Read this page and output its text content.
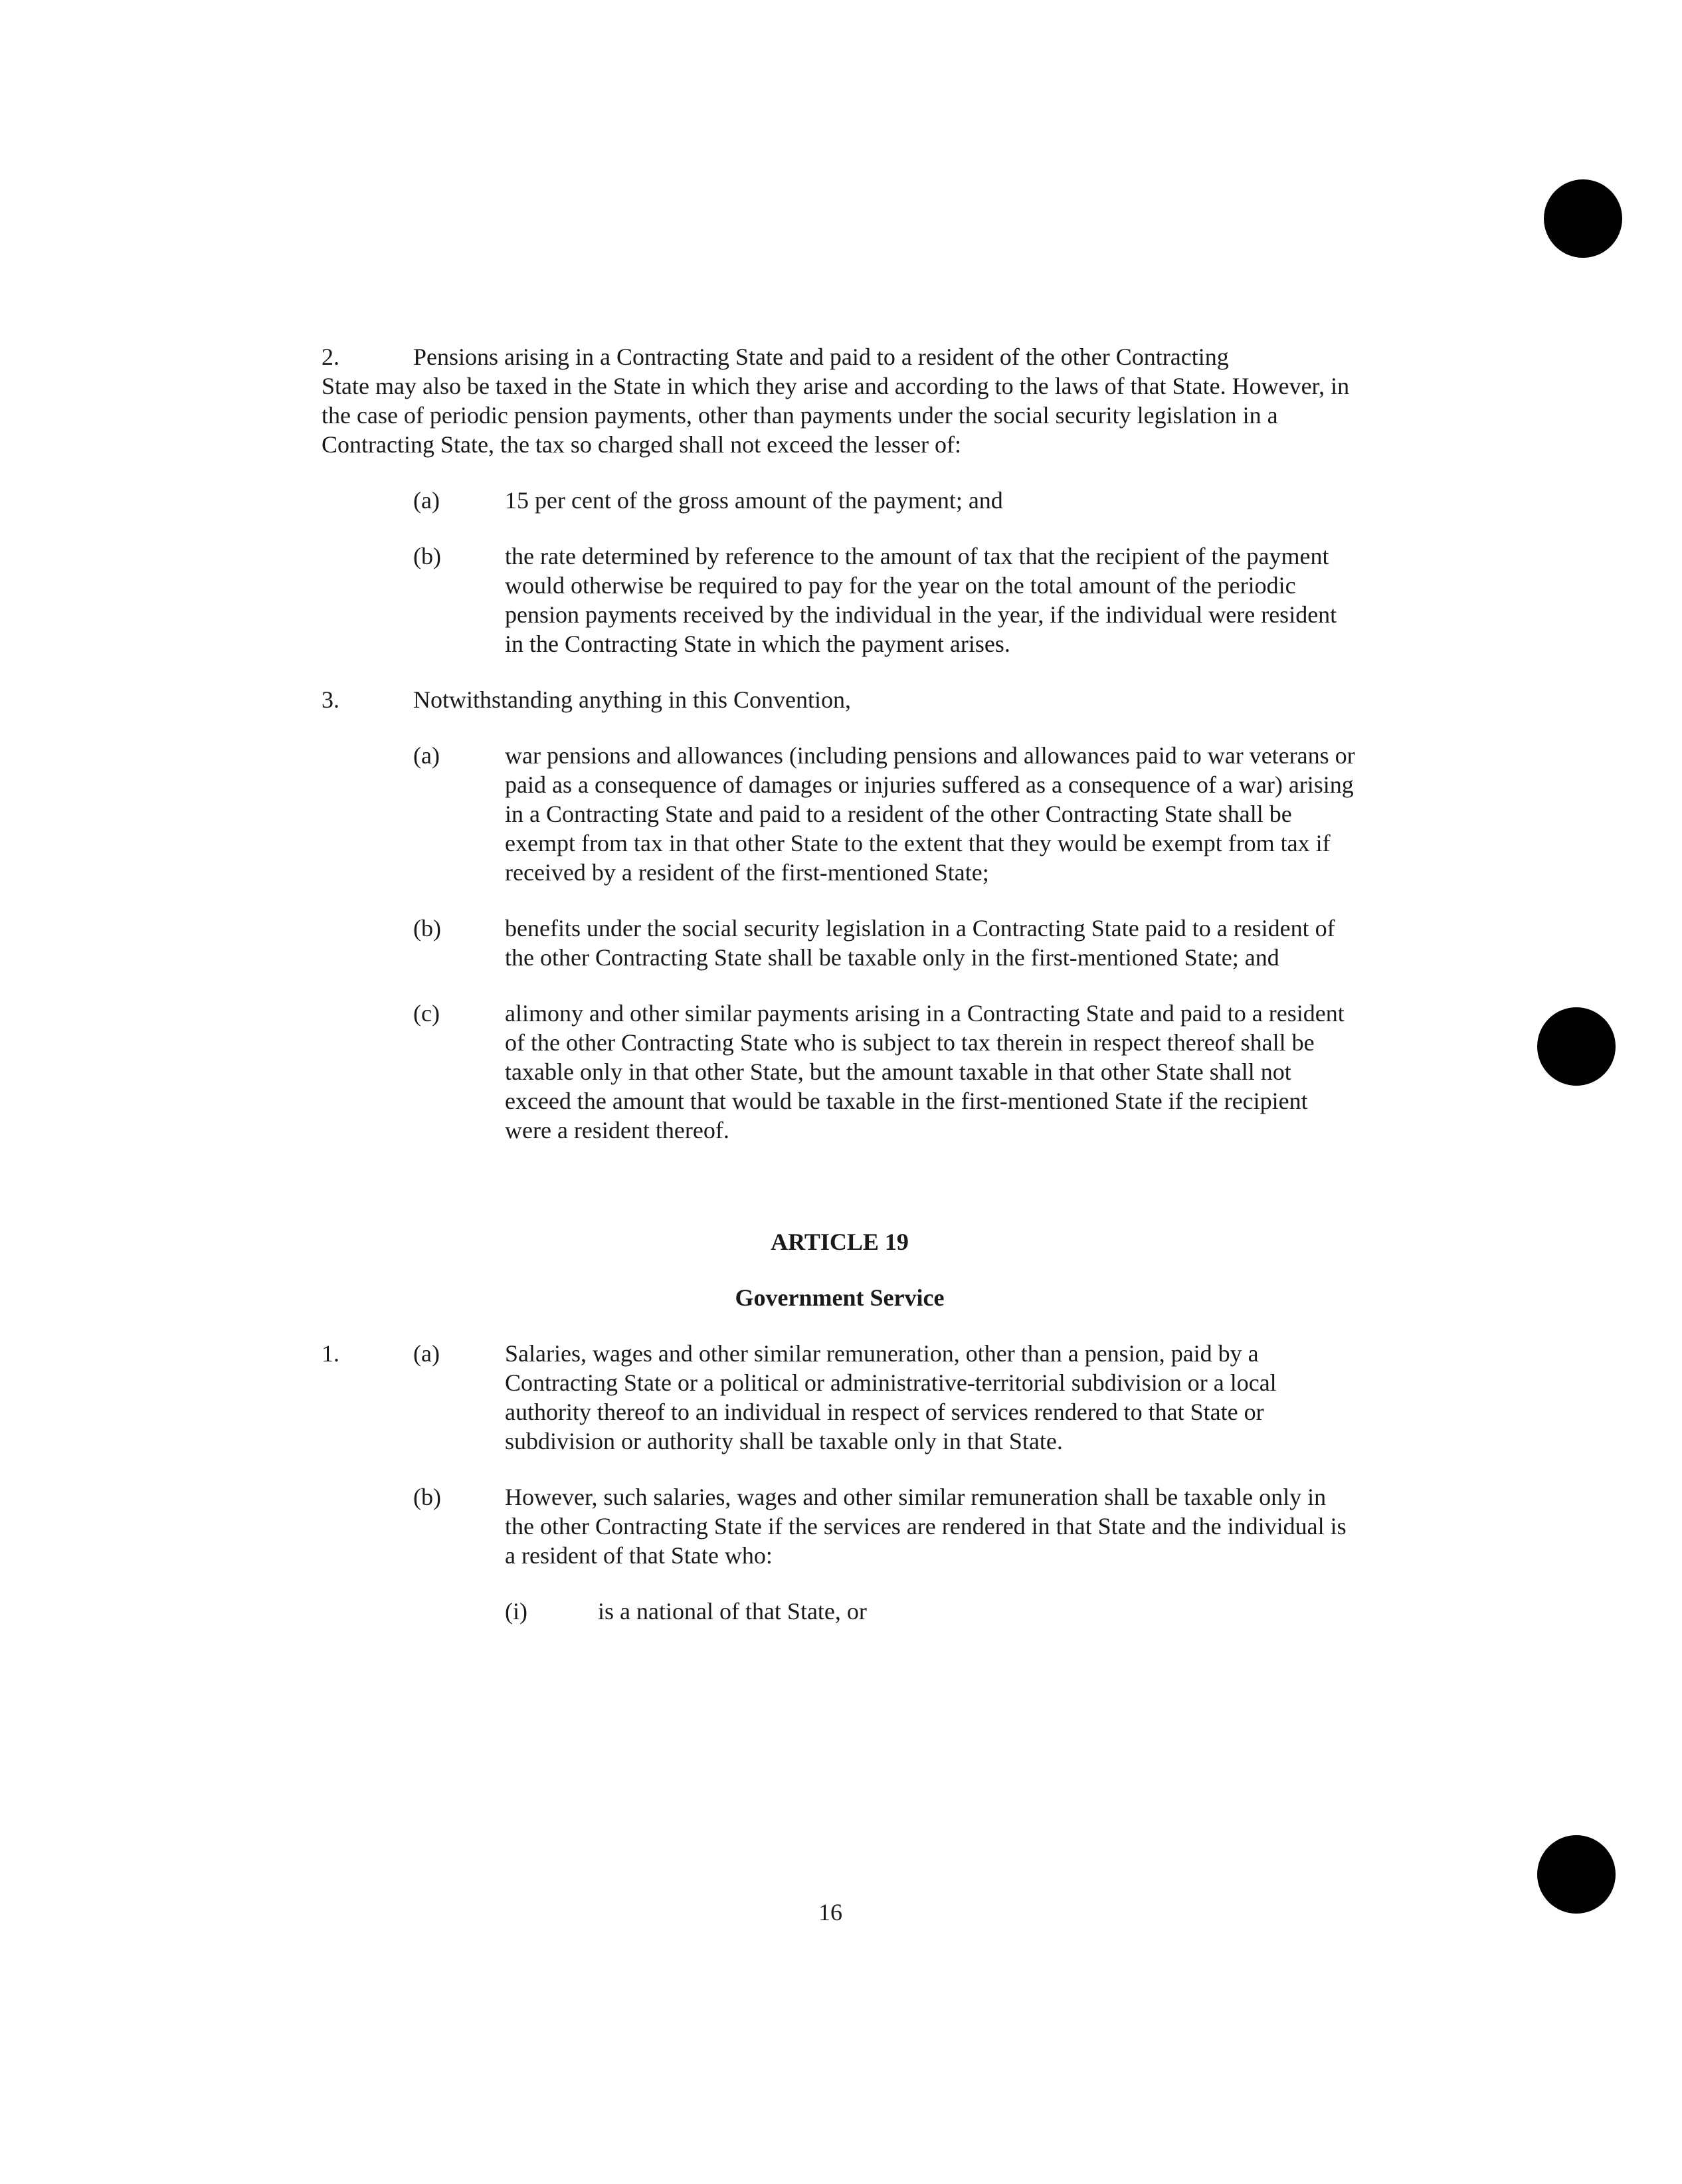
2.	Pensions arising in a Contracting State and paid to a resident of the other Contracting

State may also be taxed in the State in which they arise and according to the laws of that State. However, in the case of periodic pension payments, other than payments under the social security legislation in a Contracting State, the tax so charged shall not exceed the lesser of:

(a)	15 per cent of the gross amount of the payment; and
(b)	the rate determined by reference to the amount of tax that the recipient of the payment would otherwise be required to pay for the year on the total amount of the periodic pension payments received by the individual in the year, if the individual were resident in the Contracting State in which the payment arises.
3.	Notwithstanding anything in this Convention,
(a)	war pensions and allowances (including pensions and allowances paid to war veterans or paid as a consequence of damages or injuries suffered as a consequence of a war) arising in a Contracting State and paid to a resident of the other Contracting State shall be exempt from tax in that other State to the extent that they would be exempt from tax if received by a resident of the first-mentioned State;
(b)	benefits under the social security legislation in a Contracting State paid to a resident of the other Contracting State shall be taxable only in the first-mentioned State; and
(c)	alimony and other similar payments arising in a Contracting State and paid to a resident of the other Contracting State who is subject to tax therein in respect thereof shall be taxable only in that other State, but the amount taxable in that other State shall not exceed the amount that would be taxable in the first-mentioned State if the recipient were a resident thereof.
ARTICLE 19
Government Service
1.	(a)	Salaries, wages and other similar remuneration, other than a pension, paid by a Contracting State or a political or administrative-territorial subdivision or a local authority thereof to an individual in respect of services rendered to that State or subdivision or authority shall be taxable only in that State.
(b)	However, such salaries, wages and other similar remuneration shall be taxable only in the other Contracting State if the services are rendered in that State and the individual is a resident of that State who:
(i)	is a national of that State, or
16
